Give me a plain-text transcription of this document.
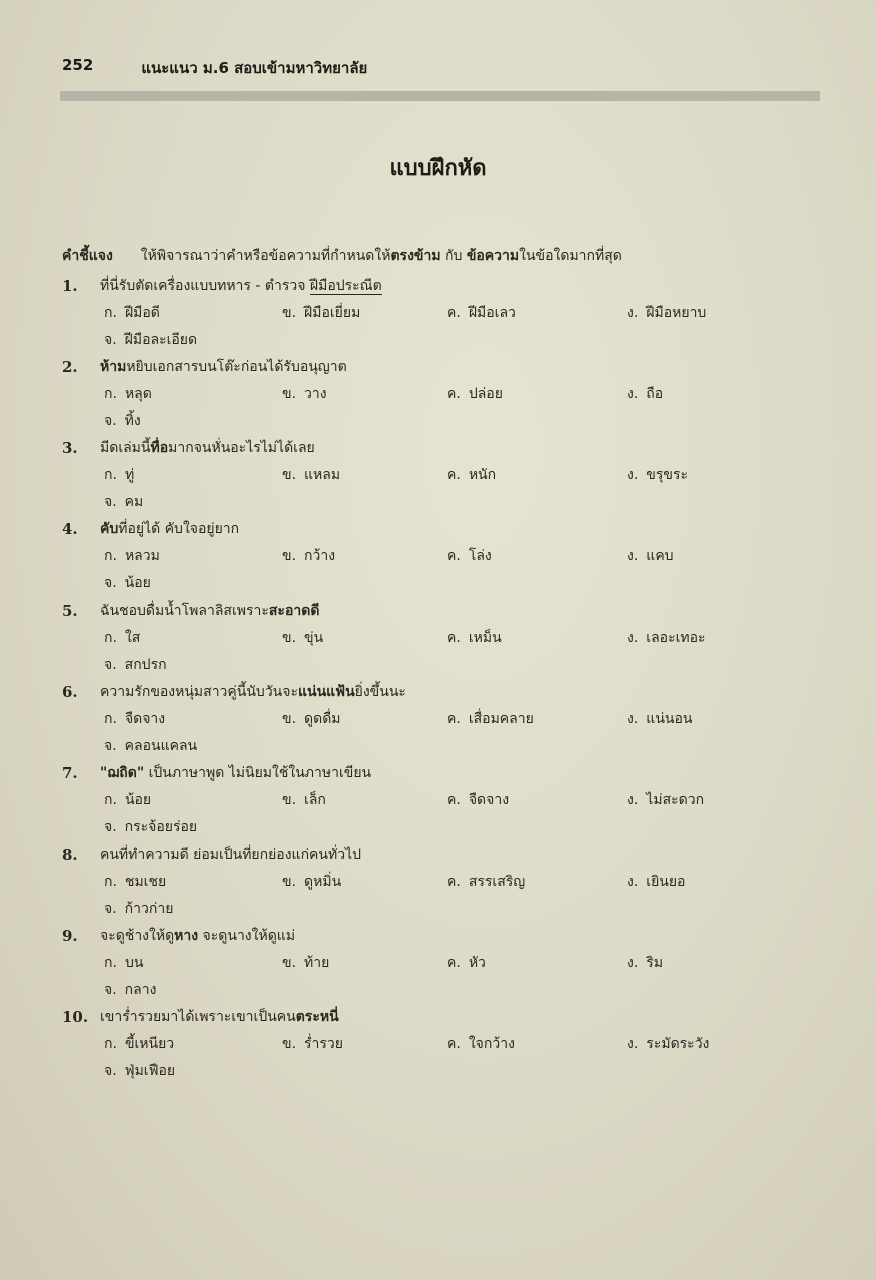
252	แนะแนว ม.6 สอบเข้ามหาวิทยาลัย
แบบฝึกหัด
คำชี้แจง ให้พิจารณาว่าคำหรือข้อความที่กำหนดให้ตรงข้าม กับ ข้อความในข้อใดมากที่สุด
1.	ที่นี่รับตัดเครื่องแบบทหาร - ตำรวจ ฝีมือประณีต
ก. ฝีมือดี	ข. ฝีมือเยี่ยม	ค. ฝีมือเลว	ง. ฝีมือหยาบ
จ. ฝีมือละเอียด
2.	ห้ามหยิบเอกสารบนโต๊ะก่อนได้รับอนุญาต
ก. หลุด	ข. วาง	ค. ปล่อย	ง. ถือ
จ. ทิ้ง
3.	มีดเล่มนี้ทื่อมากจนหั่นอะไรไม่ได้เลย
ก. ทู่	ข. แหลม	ค. หนัก	ง. ขรุขระ
จ. คม
4.	คับที่อยู่ได้ คับใจอยู่ยาก
ก. หลวม	ข. กว้าง	ค. โล่ง	ง. แคบ
จ. น้อย
5.	ฉันชอบดื่มน้ำโพลาลิสเพราะสะอาดดี
ก. ใส	ข. ขุ่น	ค. เหม็น	ง. เลอะเทอะ
จ. สกปรก
6.	ความรักของหนุ่มสาวคู่นี้นับวันจะแน่นแฟ้นยิ่งขึ้นนะ
ก. จืดจาง	ข. ดูดดื่ม	ค. เสื่อมคลาย	ง. แน่นอน
จ. คลอนแคลน
7.	"ฌถิด" เป็นภาษาพูด ไม่นิยมใช้ในภาษาเขียน
ก. น้อย	ข. เล็ก	ค. จืดจาง	ง. ไม่สะดวก
จ. กระจ้อยร่อย
8.	คนที่ทำความดี ย่อมเป็นที่ยกย่องแก่คนทั่วไป
ก. ชมเชย	ข. ดูหมิ่น	ค. สรรเสริญ	ง. เยินยอ
จ. ก้าวก่าย
9.	จะดูช้างให้ดูหาง จะดูนางให้ดูแม่
ก. บน	ข. ท้าย	ค. หัว	ง. ริม
จ. กลาง
10. เขาร่ำรวยมาได้เพราะเขาเป็นคนตระหนี่
ก. ขี้เหนียว	ข. ร่ำรวย	ค. ใจกว้าง	ง. ระมัดระวัง
จ. ฟุ่มเฟือย
